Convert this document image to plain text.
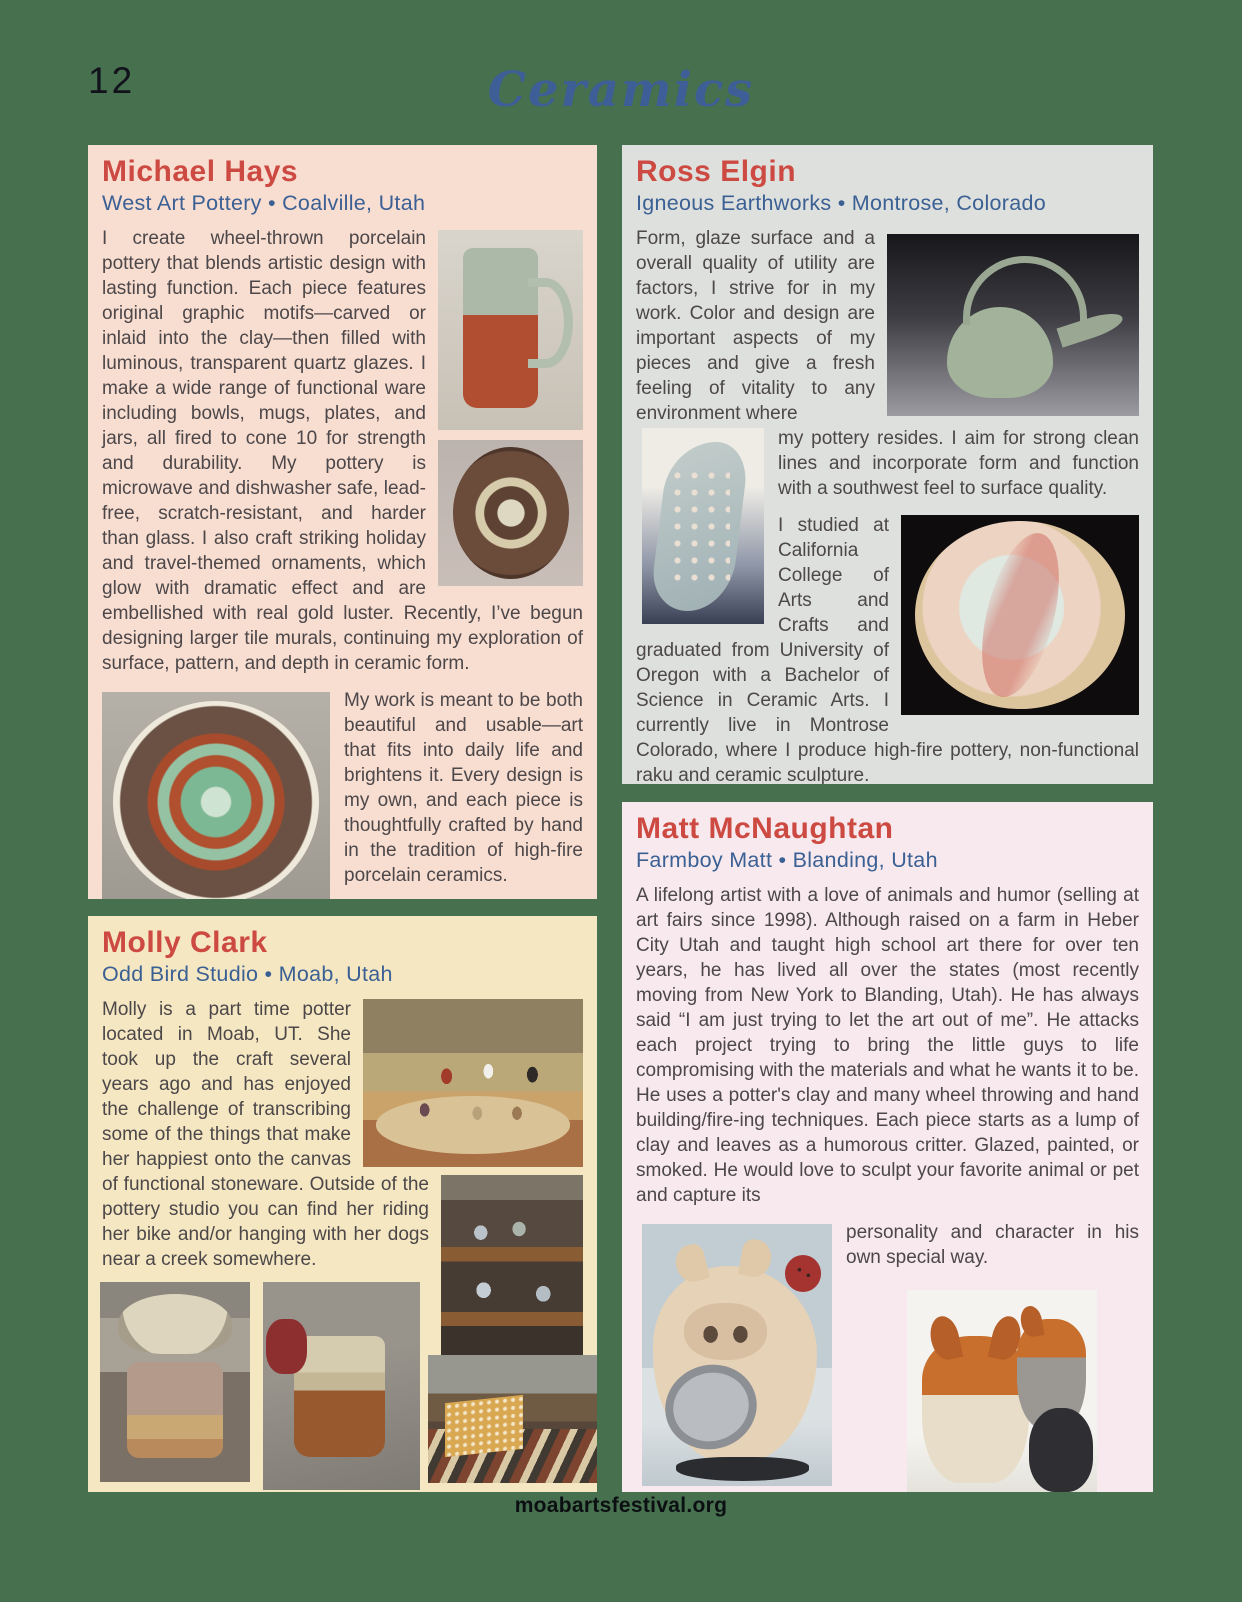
12	Ceramics
Michael Hays
West Art Pottery • Coalville, Utah

I create wheel-thrown porcelain pottery that blends artistic design with lasting function. Each piece features original graphic motifs—carved or inlaid into the clay—then filled with luminous, transparent quartz glazes. I make a wide range of functional ware including bowls, mugs, plates, and jars, all fired to cone 10 for strength and durability. My pottery is microwave and dishwasher safe, lead-free, scratch-resistant, and harder than glass. I also craft striking holiday and travel-themed ornaments, which glow with dramatic effect and are embellished with real gold luster. Recently, I’ve begun designing larger tile murals, continuing my exploration of surface, pattern, and depth in ceramic form.

My work is meant to be both beautiful and usable—art that fits into daily life and brightens it. Every design is my own, and each piece is thoughtfully crafted by hand in the tradition of high-fire porcelain ceramics.

Ross Elgin
Igneous Earthworks • Montrose, Colorado

Form, glaze surface and a overall quality of utility are factors, I strive for in my work. Color and design are important aspects of my pieces and give a fresh feeling of vitality to any environment where

my pottery resides. I aim for strong clean lines and incorporate form and function with a southwest feel to surface quality.

I studied at California College of Arts and Crafts and graduated from University of Oregon with a Bachelor of Science in Ceramic Arts. I currently live in Montrose Colorado, where I produce high-fire pottery, non-functional raku and ceramic sculpture.

Molly Clark
Odd Bird Studio • Moab, Utah

Molly is a part time potter located in Moab, UT. She took up the craft several years ago and has enjoyed the challenge of transcribing some of the things that make her happiest onto the canvas of functional stoneware. Outside of the pottery studio you can find her riding her bike and/or hanging with her dogs near a creek somewhere.

Matt McNaughtan
Farmboy Matt • Blanding, Utah

A lifelong artist with a love of animals and humor (selling at art fairs since 1998). Although raised on a farm in Heber City Utah and taught high school art there for over ten years, he has lived all over the states (most recently moving from New York to Blanding, Utah). He has always said “I am just trying to let the art out of me”. He attacks each project trying to bring the little guys to life compromising with the materials and what he wants it to be. He uses a potter's clay and many wheel throwing and hand building/fire-ing techniques. Each piece starts as a lump of clay and leaves as a humorous critter. Glazed, painted, or smoked. He would love to sculpt your favorite animal or pet and capture its

personality and character in his own special way.

moabartsfestival.org
